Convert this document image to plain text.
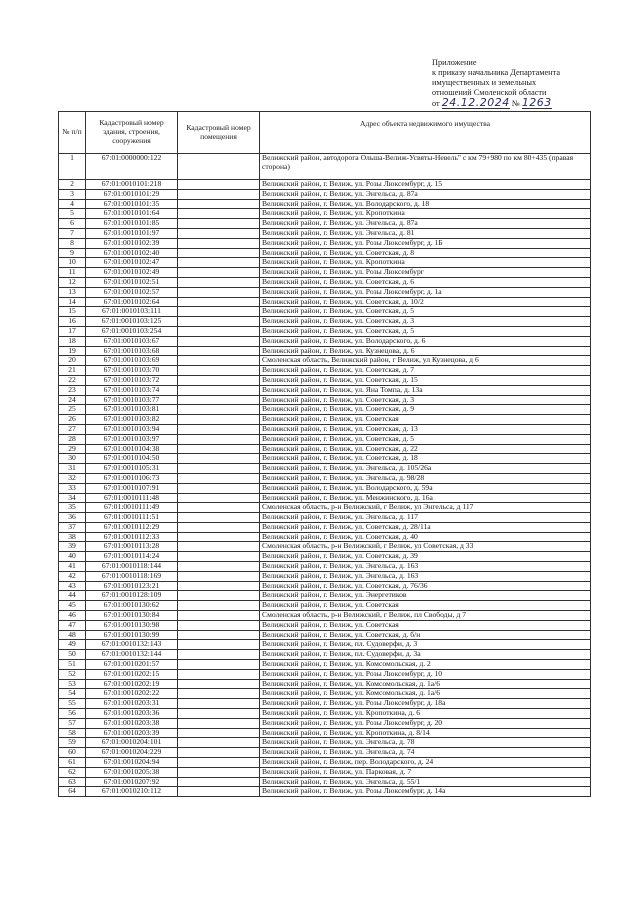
Приложение
к приказу начальника Департамента
имущественных и земельных
отношений Смоленской области
от 24.12.2024 № 1263
№ п/п	Кадастровый номер здания, строения, сооружения	Кадастровый номер помещения	Адрес объекта недвижимого имущества
1	67:01:0000000:122		Велижский район, автодорога Ольша-Велиж-Усвяты-Невель" с км 79+980 по км 80+435 (правая сторона)
2	67:01:0010101:218		Велижский район, г. Велиж, ул. Розы Люксембург, д. 15
3	67:01:0010101:29		Велижский район, г. Велиж, ул. Энгельса, д. 87а
4	67:01:0010101:35		Велижский район, г. Велиж, ул. Володарского, д. 18
5	67:01:0010101:64		Велижский район, г. Велиж, ул. Кропоткина
6	67:01:0010101:85		Велижский район, г. Велиж, ул. Энгельса, д. 87а
7	67:01:0010101:97		Велижский район, г. Велиж, ул. Энгельса, д. 81
8	67:01:0010102:39		Велижский район, г. Велиж, ул. Розы Люксембург, д. 1Б
9	67:01:0010102:40		Велижский район, г. Велиж, ул. Советская, д. 8
10	67:01:0010102:47		Велижский район, г. Велиж, ул. Кропоткина
11	67:01:0010102:49		Велижский район, г. Велиж, ул. Розы Люксембург
12	67:01:0010102:51		Велижский район, г. Велиж, ул. Советская, д. 6
13	67:01:0010102:57		Велижский район, г. Велиж, ул. Розы Люксембург, д. 1а
14	67:01:0010102:64		Велижский район, г. Велиж, ул. Советская, д. 10/2
15	67:01:0010103:111		Велижский район, г. Велиж, ул. Советская, д. 5
16	67:01:0010103:125		Велижский район, г. Велиж, ул. Советская, д. 3
17	67:01:0010103:254		Велижский район, г. Велиж, ул. Советская, д. 5
18	67:01:0010103:67		Велижский район, г. Велиж, ул. Володарского, д. 6
19	67:01:0010103:68		Велижский район, г. Велиж, ул. Кузнецова, д. 6
20	67:01:0010103:69		Смоленская область, Велижский район, г Велиж, ул Кузнецова, д 6
21	67:01:0010103:70		Велижский район, г. Велиж, ул. Советская, д. 7
22	67:01:0010103:72		Велижский район, г. Велиж, ул. Советская, д. 15
23	67:01:0010103:74		Велижский район, г. Велиж, ул. Яна Томпа, д. 13а
24	67:01:0010103:77		Велижский район, г. Велиж, ул. Советская, д. 3
25	67:01:0010103:81		Велижский район, г. Велиж, ул. Советская, д. 9
26	67:01:0010103:82		Велижский район, г. Велиж, ул. Советская
27	67:01:0010103:94		Велижский район, г. Велиж, ул. Советская, д. 13
28	67:01:0010103:97		Велижский район, г. Велиж, ул. Советская, д. 5
29	67:01:0010104:38		Велижский район, г. Велиж, ул. Советская, д. 22
30	67:01:0010104:50		Велижский район, г. Велиж, ул. Советская, д. 18
31	67:01:0010105:31		Велижский район, г. Велиж, ул. Энгельса, д. 105/26а
32	67:01:0010106:73		Велижский район, г. Велиж, ул. Энгельса, д. 98/28
33	67:01:0010107:91		Велижский район, г. Велиж, ул. Володарского, д. 59а
34	67:01:0010111:48		Велижский район, г. Велиж, ул. Менжинского, д. 16а
35	67:01:0010111:49		Смоленская область, р-н Велижский, г Велиж, ул Энгельса, д 117
36	67:01:0010111:51		Велижский район, г. Велиж, ул. Энгельса, д. 117
37	67:01:0010112:29		Велижский район, г. Велиж, ул. Советская, д. 28/11а
38	67:01:0010112:33		Велижский район, г. Велиж, ул. Советская, д. 40
39	67:01:0010113:28		Смоленская область, р-н Велижский, г Велиж, ул Советская, д 33
40	67:01:0010114:24		Велижский район, г. Велиж, ул. Советская, д. 39
41	67:01:0010118:144		Велижский район, г. Велиж, ул. Энгельса, д. 163
42	67:01:0010118:169		Велижский район, г. Велиж, ул. Энгельса, д. 163
43	67:01:0010123:21		Велижский район, г. Велиж, ул. Советская, д. 76/36
44	67:01:0010128:109		Велижский район, г. Велиж, ул. Энергетиков
45	67:01:0010130:62		Велижский район, г. Велиж, ул. Советская
46	67:01:0010130:84		Смоленская область, р-н Велижский, г Велиж, пл Свободы, д 7
47	67:01:0010130:98		Велижский район, г. Велиж, ул. Советская
48	67:01:0010130:99		Велижский район, г. Велиж, ул. Советская, д. б/н
49	67:01:0010132:143		Велижский район, г. Велиж, пл. Судоверфи, д. 3
50	67:01:0010132:144		Велижский район, г. Велиж, пл. Судоверфи, д. 3а
51	67:01:0010201:57		Велижский район, г. Велиж, ул. Комсомольская, д. 2
52	67:01:0010202:15		Велижский район, г. Велиж, ул. Розы Люксембург, д. 10
53	67:01:0010202:19		Велижский район, г. Велиж, ул. Комсомольская, д. 1а/6
54	67:01:0010202:22		Велижский район, г. Велиж, ул. Комсомольская, д. 1а/6
55	67:01:0010203:31		Велижский район, г. Велиж, ул. Розы Люксембург, д. 18а
56	67:01:0010203:36		Велижский район, г. Велиж, ул. Кропоткина, д. 6
57	67:01:0010203:38		Велижский район, г. Велиж, ул. Розы Люксембург, д. 20
58	67:01:0010203:39		Велижский район, г. Велиж, ул. Кропоткина, д. 8/14
59	67:01:0010204:101		Велижский район, г. Велиж, ул. Энгельса, д. 78
60	67:01:0010204:229		Велижский район, г. Велиж, ул. Энгельса, д. 74
61	67:01:0010204:94		Велижский район, г. Велиж, пер. Володарского, д. 24
62	67:01:0010205:38		Велижский район, г. Велиж, ул. Парковая, д. 7
63	67:01:0010207:92		Велижский район, г. Велиж, ул. Энгельса, д. 55/1
64	67:01:0010210:112		Велижский район, г. Велиж, ул. Розы Люксембург, д. 14а
